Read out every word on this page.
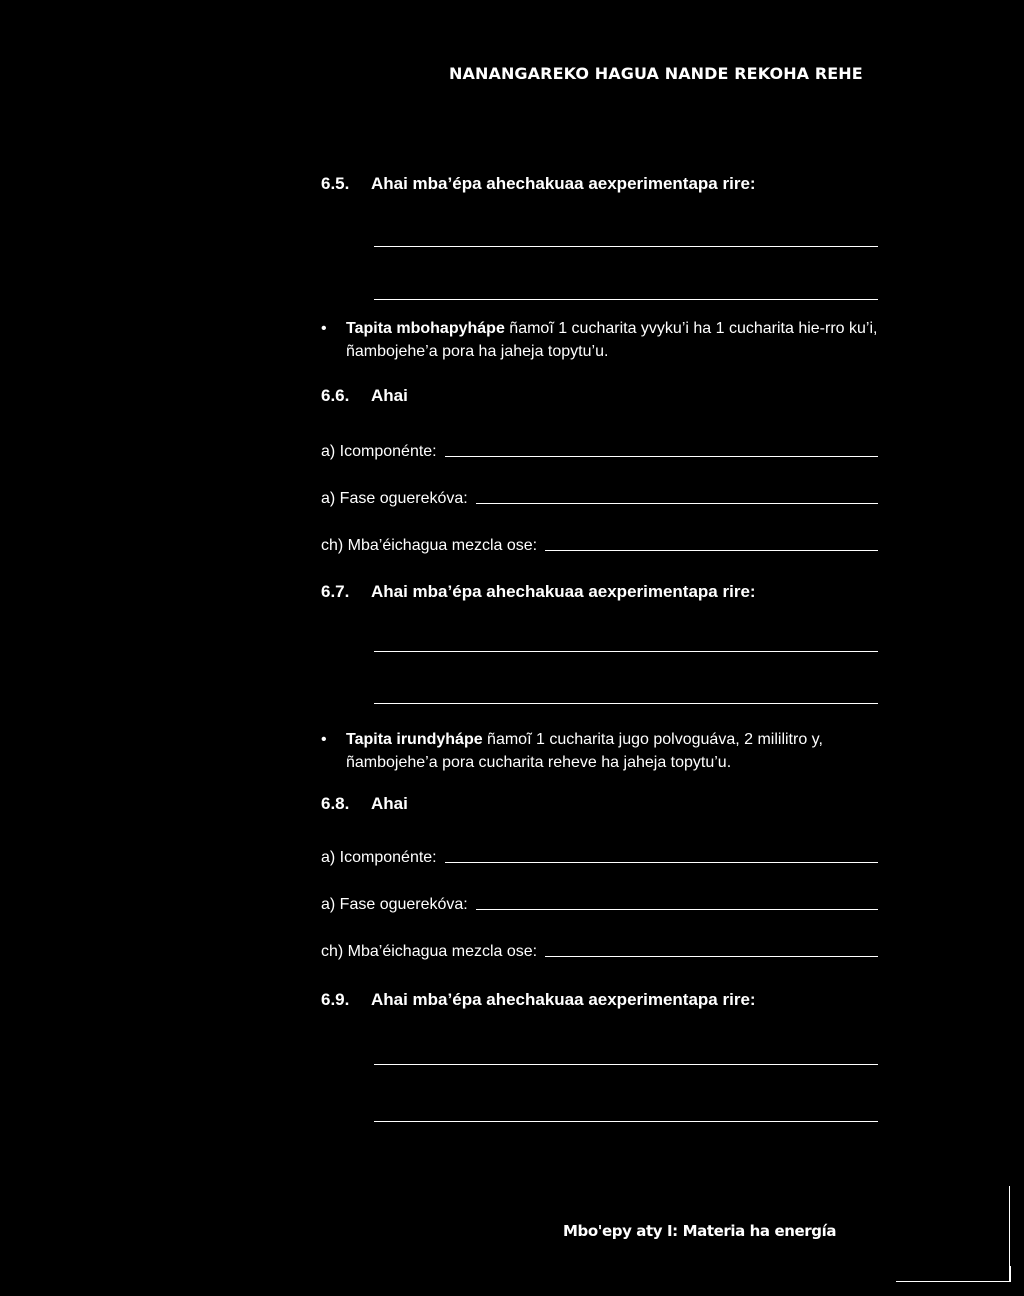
NANANGAREKO HAGUA NANDE REKOHA REHE
6.5. Ahai mba’épa ahechakuaa aexperimentapa rire:
• Tapita mbohapyhápe ñamoĩ 1 cucharita yvyku’i ha 1 cucharita hie-rro ku’i, ñambojehe’a pora ha jaheja topytu’u.
6.6. Ahai
a) Icomponénte:
a) Fase oguerekóva:
ch) Mba’éichagua mezcla ose:
6.7. Ahai mba’épa ahechakuaa aexperimentapa rire:
• Tapita irundyhápe ñamoĩ 1 cucharita jugo polvoguáva, 2 mililitro y, ñambojehe’a pora cucharita reheve ha jaheja topytu’u.
6.8. Ahai
a) Icomponénte:
a) Fase oguerekóva:
ch) Mba’éichagua mezcla ose:
6.9. Ahai mba’épa ahechakuaa aexperimentapa rire:
Mbo'epy aty I: Materia ha energía
